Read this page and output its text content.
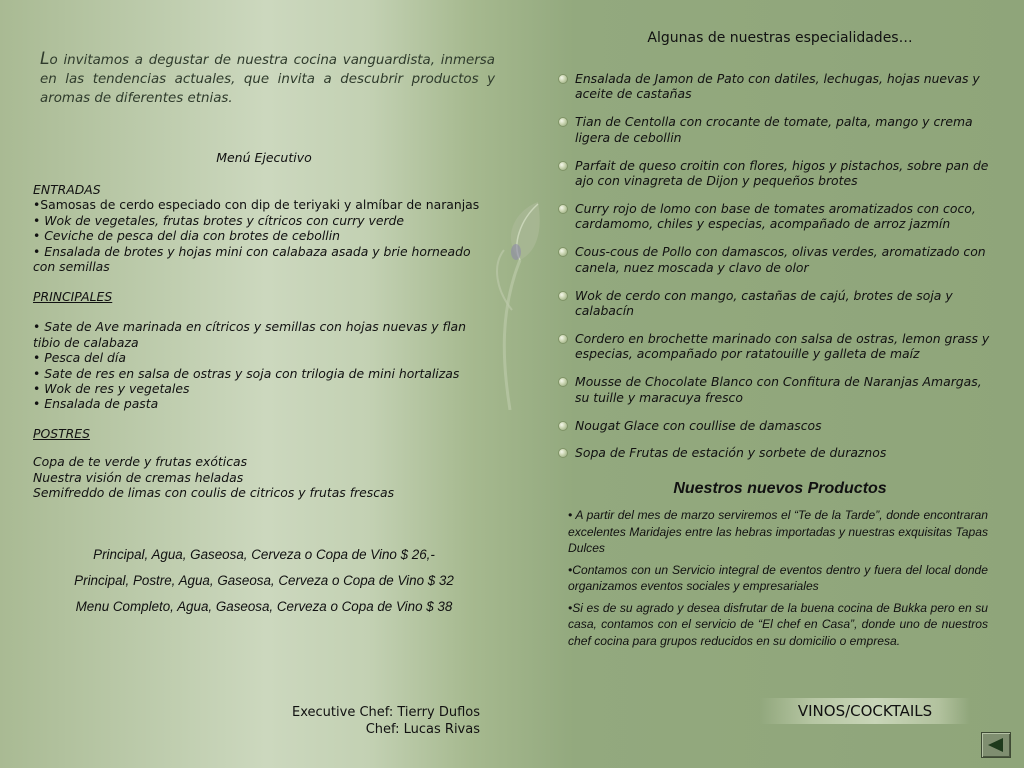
Lo invitamos a degustar de nuestra cocina vanguardista, inmersa en las tendencias actuales, que invita a descubrir productos y aromas de diferentes etnias.
Menú Ejecutivo

ENTRADAS

•Samosas de cerdo especiado con dip de teriyaki y almíbar de naranjas

• Wok de vegetales, frutas brotes y cítricos con curry verde

• Ceviche de pesca del dia con brotes de cebollin

• Ensalada de brotes y hojas mini con calabaza asada y brie horneado con semillas

PRINCIPALES

• Sate de Ave marinada en cítricos y semillas con hojas nuevas y flan tibio de calabaza

• Pesca del día

• Sate de res en salsa de ostras y soja con trilogia de mini hortalizas

• Wok de res y vegetales

• Ensalada de pasta

POSTRES

Copa de te verde y frutas exóticas

Nuestra visión de cremas heladas

Semifreddo de limas con coulis de citricos y frutas frescas

Principal, Agua, Gaseosa, Cerveza o Copa de Vino $ 26,-
Principal, Postre, Agua, Gaseosa, Cerveza o Copa de Vino $ 32
Menu Completo, Agua, Gaseosa, Cerveza o Copa de Vino $ 38
Executive Chef: Tierry Duflos
Chef: Lucas Rivas
Algunas de nuestras especialidades…
Ensalada de Jamon de Pato con datiles, lechugas, hojas nuevas y aceite de castañas
Tian de Centolla con crocante de tomate, palta, mango y crema ligera de cebollin
Parfait de queso croitin con flores, higos y pistachos, sobre pan de ajo con vinagreta de Dijon y pequeños brotes
Curry rojo de lomo con base de tomates aromatizados con coco, cardamomo, chiles y especias, acompañado de arroz jazmín
Cous-cous de Pollo con damascos, olivas verdes, aromatizado con canela, nuez moscada y clavo de olor
Wok de cerdo con mango, castañas de cajú, brotes de soja y calabacín
Cordero en brochette marinado con salsa de ostras, lemon grass y especias, acompañado por ratatouille y galleta de maíz
Mousse de Chocolate Blanco con Confitura de Naranjas Amargas, su tuille y maracuya fresco
Nougat Glace con coullise de damascos
Sopa de Frutas de estación y sorbete de duraznos
Nuestros nuevos Productos

• A partir del mes de marzo serviremos el “Te de la Tarde”, donde encontraran excelentes Maridajes entre las hebras importadas y nuestras exquisitas Tapas Dulces

•Contamos con un Servicio integral de eventos dentro y fuera del local donde organizamos eventos sociales y empresariales

•Si es de su agrado y desea disfrutar de la buena cocina de Bukka pero en su casa, contamos con el servicio de “El chef en Casa”, donde uno de nuestros chef cocina para grupos reducidos en su domicilio o empresa.

VINOS/COCKTAILS
